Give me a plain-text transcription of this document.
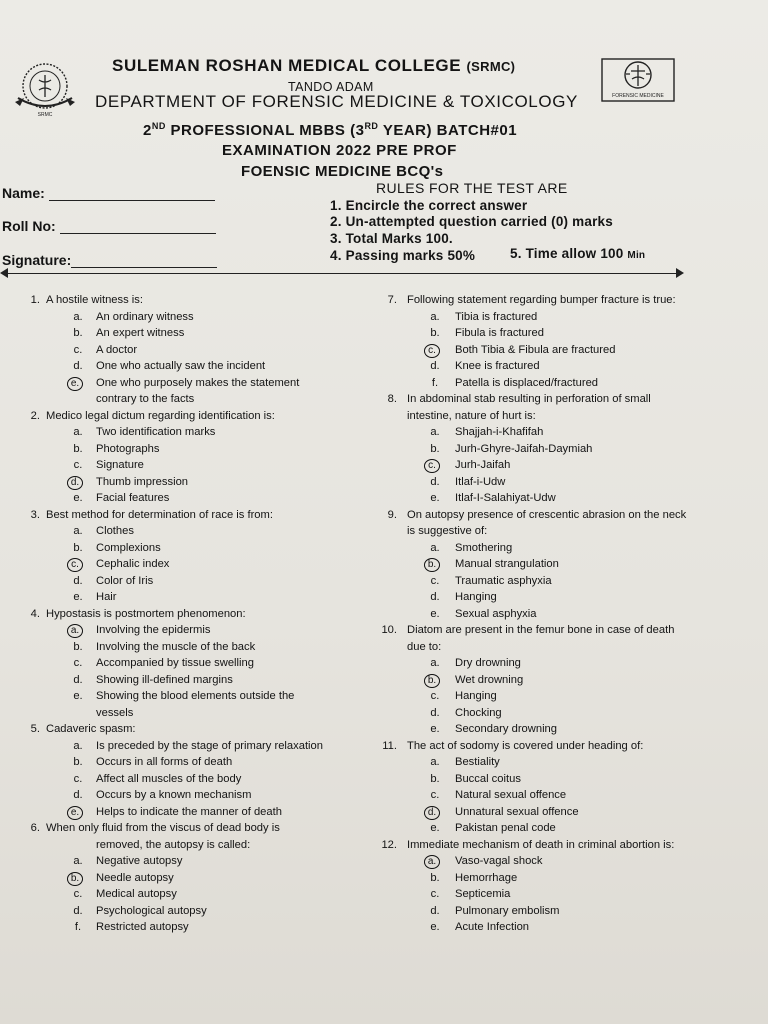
SRMC
FORENSIC MEDICINE
SULEMAN ROSHAN MEDICAL COLLEGE (SRMC)
TANDO ADAM
DEPARTMENT OF FORENSIC MEDICINE & TOXICOLOGY
2ND PROFESSIONAL MBBS (3RD YEAR) BATCH#01
EXAMINATION 2022 PRE PROF
FOENSIC MEDICINE BCQ's
Name:
Roll No:
Signature:
RULES FOR THE TEST ARE
1. Encircle the correct answer
2. Un-attempted question carried (0) marks
3. Total Marks 100.
4. Passing marks 50%	5. Time allow 100 Min
1. A hostile witness is:
a. An ordinary witness
b. An expert witness
c.	A doctor
d. One who actually saw the incident
e.	One who purposely makes the statement
contrary to the facts
2. Medico legal dictum regarding identification is:
a. Two identification marks
b. Photographs
c.	Signature
d.	Thumb impression
e. Facial features
3. Best method for determination of race is from:
a. Clothes
b. Complexions
c.	Cephalic index
d. Color of Iris
e. Hair
4. Hypostasis is postmortem phenomenon:
a.	Involving the epidermis
b. Involving the muscle of the back
c.	Accompanied by tissue swelling
d. Showing ill-defined margins
e. Showing the blood elements outside the
vessels
5. Cadaveric spasm:
a. Is preceded by the stage of primary relaxation
b. Occurs in all forms of death
c.	Affect all muscles of the body
d. Occurs by a known mechanism
e.	Helps to indicate the manner of death
6. When only fluid from the viscus of dead body is
removed, the autopsy is called:
a. Negative autopsy
b.	Needle autopsy
c.	Medical autopsy
d. Psychological autopsy
f.	Restricted autopsy
7. Following statement regarding bumper fracture is true:
a. Tibia is fractured
b. Fibula is fractured
c.	Both Tibia & Fibula are fractured
d. Knee is fractured
f.	Patella is displaced/fractured
8. In abdominal stab resulting in perforation of small
intestine, nature of hurt is:
a. Shajjah-i-Khafifah
b. Jurh-Ghyre-Jaifah-Daymiah
c.	Jurh-Jaifah
d. Itlaf-i-Udw
e. Itlaf-I-Salahiyat-Udw
9. On autopsy presence of crescentic abrasion on the neck
is suggestive of:
a. Smothering
b.	Manual strangulation
c.	Traumatic asphyxia
d. Hanging
e. Sexual asphyxia
10. Diatom are present in the femur bone in case of death
due to:
a. Dry drowning
b.	Wet drowning
c.	Hanging
d. Chocking
e. Secondary drowning
11. The act of sodomy is covered under heading of:
a. Bestiality
b. Buccal coitus
c.	Natural sexual offence
d.	Unnatural sexual offence
e. Pakistan penal code
12. Immediate mechanism of death in criminal abortion is:
a.	Vaso-vagal shock
b. Hemorrhage
c.	Septicemia
d. Pulmonary embolism
e. Acute Infection
